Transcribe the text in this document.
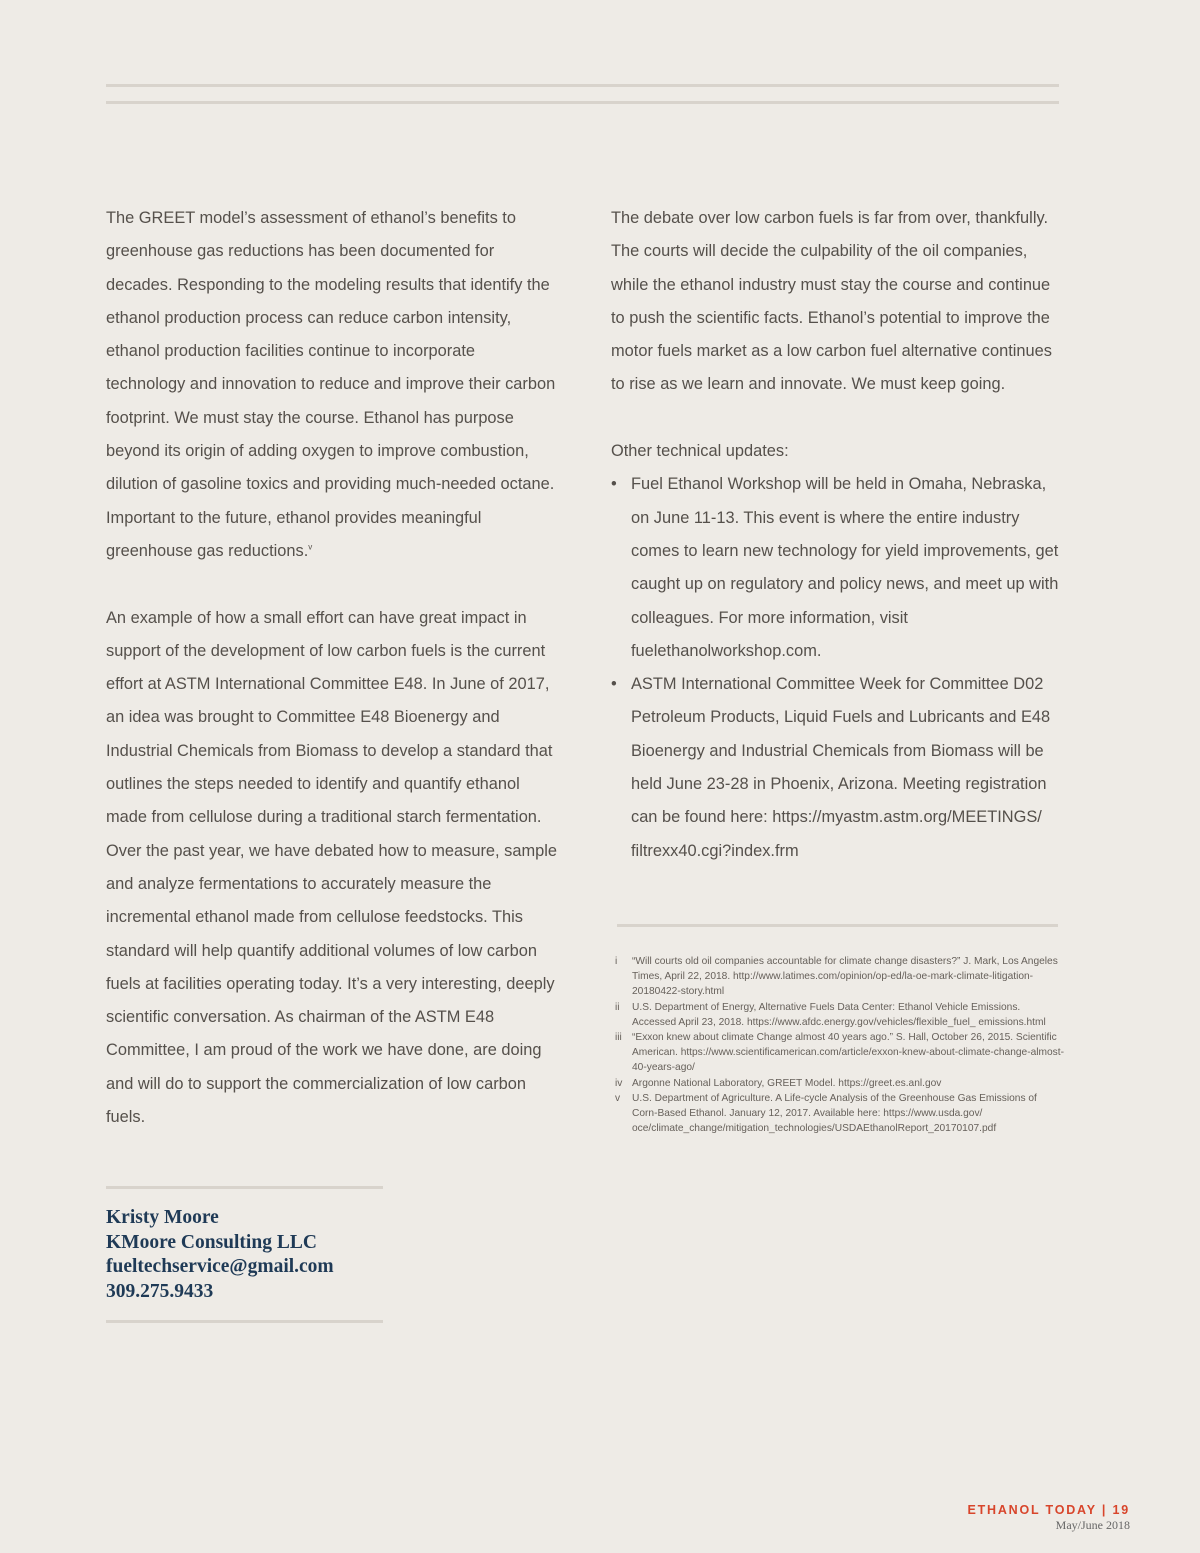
The GREET model’s assessment of ethanol’s benefits to greenhouse gas reductions has been documented for decades. Responding to the modeling results that identify the ethanol production process can reduce carbon intensity, ethanol production facilities continue to incorporate technology and innovation to reduce and improve their carbon footprint. We must stay the course. Ethanol has purpose beyond its origin of adding oxygen to improve combustion, dilution of gasoline toxics and providing much-needed octane. Important to the future, ethanol provides meaningful greenhouse gas reductions.$^v$

An example of how a small effort can have great impact in support of the development of low carbon fuels is the current effort at ASTM International Committee E48. In June of 2017, an idea was brought to Committee E48 Bioenergy and Industrial Chemicals from Biomass to develop a standard that outlines the steps needed to identify and quantify ethanol made from cellulose during a traditional starch fermentation. Over the past year, we have debated how to measure, sample and analyze fermentations to accurately measure the incremental ethanol made from cellulose feedstocks. This standard will help quantify additional volumes of low carbon fuels at facilities operating today. It’s a very interesting, deeply scientific conversation. As chairman of the ASTM E48 Committee, I am proud of the work we have done, are doing and will do to support the commercialization of low carbon fuels.

The debate over low carbon fuels is far from over, thankfully. The courts will decide the culpability of the oil companies, while the ethanol industry must stay the course and continue to push the scientific facts. Ethanol’s potential to improve the motor fuels market as a low carbon fuel alternative continues to rise as we learn and innovate. We must keep going.

Other technical updates:

• Fuel Ethanol Workshop will be held in Omaha, Nebraska, on June 11-13. This event is where the entire industry comes to learn new technology for yield improvements, get caught up on regulatory and policy news, and meet up with colleagues. For more information, visit fuelethanolworkshop.com.
• ASTM International Committee Week for Committee D02 Petroleum Products, Liquid Fuels and Lubricants and E48 Bioenergy and Industrial Chemicals from Biomass will be held June 23-28 in Phoenix, Arizona. Meeting registration can be found here: https://myastm.astm.org/MEETINGS/ filtrexx40.cgi?index.frm
i “Will courts old oil companies accountable for climate change disasters?” J. Mark, Los Angeles Times, April 22, 2018. http://www.latimes.com/opinion/op-ed/la-oe-mark-climate-litigation-20180422-story.html
ii U.S. Department of Energy, Alternative Fuels Data Center: Ethanol Vehicle Emissions. Accessed April 23, 2018. https://www.afdc.energy.gov/vehicles/flexible_fuel_ emissions.html
iii “Exxon knew about climate Change almost 40 years ago.” S. Hall, October 26, 2015. Scientific American. https://www.scientificamerican.com/article/exxon-knew-about-climate-change-almost-40-years-ago/
iv Argonne National Laboratory, GREET Model. https://greet.es.anl.gov
v U.S. Department of Agriculture. A Life-cycle Analysis of the Greenhouse Gas Emissions of Corn-Based Ethanol. January 12, 2017. Available here: https://www.usda.gov/ oce/climate_change/mitigation_technologies/USDAEthanolReport_20170107.pdf
Kristy Moore
KMoore Consulting LLC
fueltechservice@gmail.com
309.275.9433
ETHANOL TODAY | 19
May/June 2018
